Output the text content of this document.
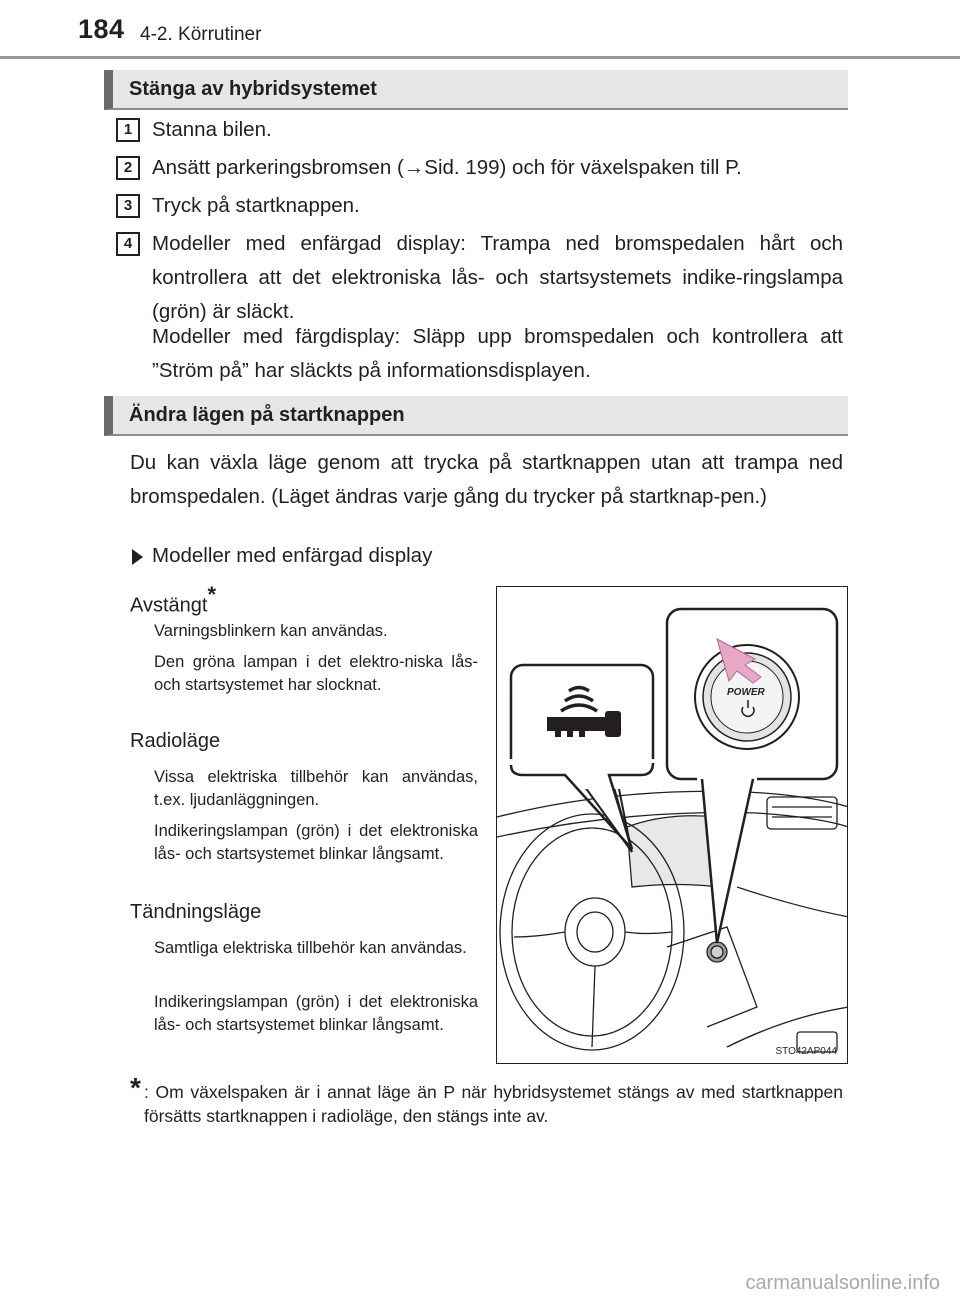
184 4-2. Körrutiner
Stänga av hybridsystemet
1 Stanna bilen.
2 Ansätt parkeringsbromsen (→Sid. 199) och för växelspaken till P.
3 Tryck på startknappen.
4 Modeller med enfärgad display: Trampa ned bromspedalen hårt och kontrollera att det elektroniska lås- och startsystemets indike-ringslampa (grön) är släckt.
Modeller med färgdisplay: Släpp upp bromspedalen och kontrollera att ”Ström på” har släckts på informationsdisplayen.
Ändra lägen på startknappen
Du kan växla läge genom att trycka på startknappen utan att trampa ned bromspedalen. (Läget ändras varje gång du trycker på startknap-pen.)
Modeller med enfärgad display
Avstängt*
Varningsblinkern kan användas.
Den gröna lampan i det elektro-niska lås- och startsystemet har slocknat.
Radioläge
Vissa elektriska tillbehör kan användas, t.ex. ljudanläggningen.
Indikeringslampan (grön) i det elektroniska lås- och startsystemet blinkar långsamt.
Tändningsläge
Samtliga elektriska tillbehör kan användas.
Indikeringslampan (grön) i det elektroniska lås- och startsystemet blinkar långsamt.
POWER
STO42AP044
* : Om växelspaken är i annat läge än P när hybridsystemet stängs av med startknappen försätts startknappen i radioläge, den stängs inte av.
carmanualsonline.info
